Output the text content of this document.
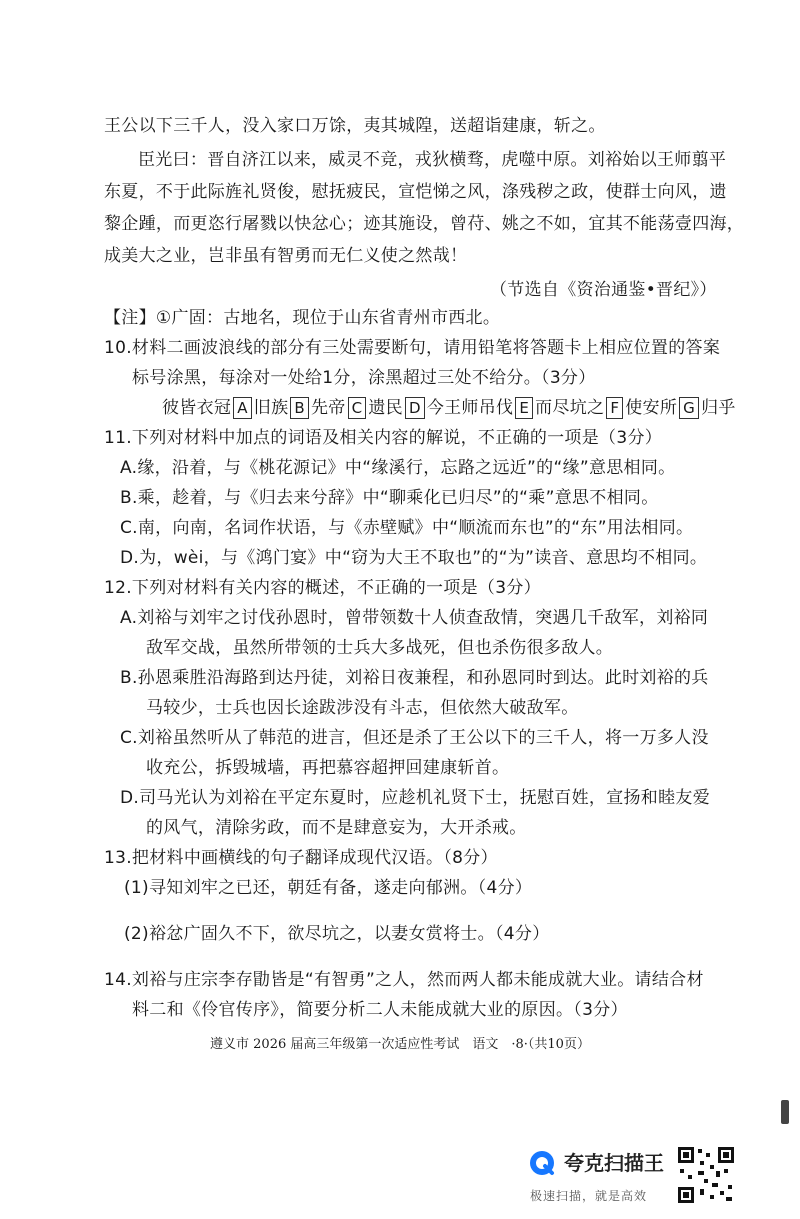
王公以下三千人，没入家口万馀，夷其城隍，送超诣建康，斩之。
臣光曰：晋自济江以来，威灵不竞，戎狄横骛，虎噬中原。刘裕始以王师翦平
东夏，不于此际旌礼贤俊，慰抚疲民，宣恺悌之风，涤残秽之政，使群士向风，遗
黎企踵，而更恣行屠戮以快忿心；迹其施设，曾苻、姚之不如，宜其不能荡壹四海，
成美大之业，岂非虽有智勇而无仁义使之然哉！
（节选自《资治通鉴•晋纪》）
【注】①广固：古地名，现位于山东省青州市西北。
10.材料二画波浪线的部分有三处需要断句，请用铅笔将答题卡上相应位置的答案
标号涂黑，每涂对一处给1分，涂黑超过三处不给分。（3分）
彼皆衣冠 A 旧族 B 先帝 C 遗民 D 今王师吊伐 E 而尽坑之 F 使安所 G 归乎
11.下列对材料中加点的词语及相关内容的解说，不正确的一项是（3分）
A.缘，沿着，与《桃花源记》中“缘溪行，忘路之远近”的“缘”意思相同。
B.乘，趁着，与《归去来兮辞》中“聊乘化已归尽”的“乘”意思不相同。
C.南，向南，名词作状语，与《赤壁赋》中“顺流而东也”的“东”用法相同。
D.为，wèi，与《鸿门宴》中“窃为大王不取也”的“为”读音、意思均不相同。
12.下列对材料有关内容的概述，不正确的一项是（3分）
A.刘裕与刘牢之讨伐孙恩时，曾带领数十人侦查敌情，突遇几千敌军，刘裕同
敌军交战，虽然所带领的士兵大多战死，但也杀伤很多敌人。
B.孙恩乘胜沿海路到达丹徒，刘裕日夜兼程，和孙恩同时到达。此时刘裕的兵
马较少，士兵也因长途跋涉没有斗志，但依然大破敌军。
C.刘裕虽然听从了韩范的进言，但还是杀了王公以下的三千人，将一万多人没
收充公，拆毁城墙，再把慕容超押回建康斩首。
D.司马光认为刘裕在平定东夏时，应趁机礼贤下士，抚慰百姓，宣扬和睦友爱
的风气，清除劣政，而不是肆意妄为，大开杀戒。
13.把材料中画横线的句子翻译成现代汉语。（8分）
(1)寻知刘牢之已还，朝廷有备，遂走向郁洲。（4分）
(2)裕忿广固久不下，欲尽坑之，以妻女赏将士。（4分）
14.刘裕与庄宗李存勖皆是“有智勇”之人，然而两人都未能成就大业。请结合材
料二和《伶官传序》，简要分析二人未能成就大业的原因。（3分）
遵义市 2026 届高三年级第一次适应性考试　语文　·8·（共10页）
夸克扫描王
极速扫描，就是高效
